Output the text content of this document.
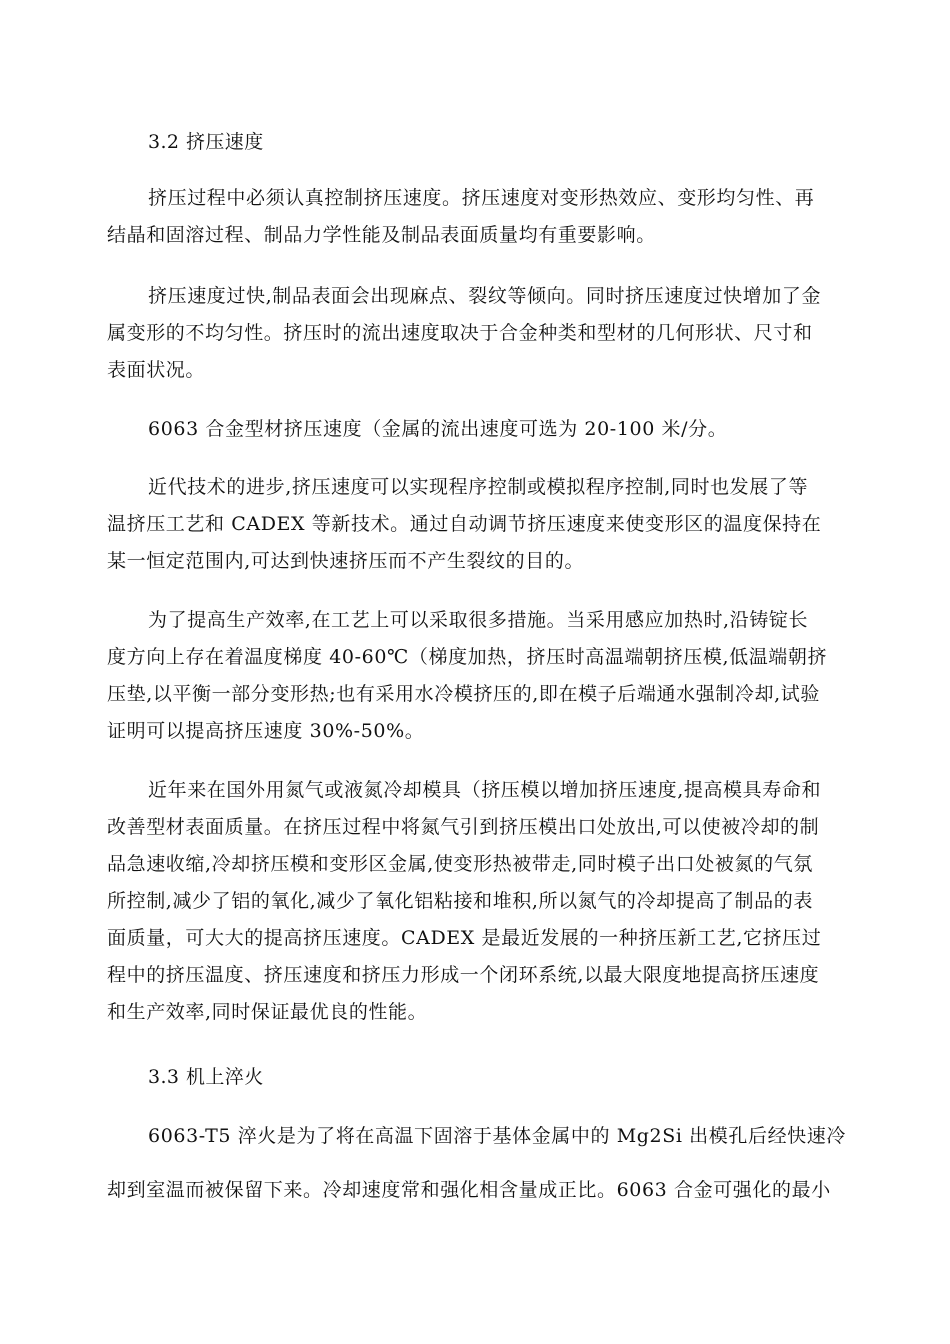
3.2 挤压速度

挤压过程中必须认真控制挤压速度。挤压速度对变形热效应、变形均匀性、再

结晶和固溶过程、制品力学性能及制品表面质量均有重要影响。

挤压速度过快,制品表面会出现麻点、裂纹等倾向。同时挤压速度过快增加了金

属变形的不均匀性。挤压时的流出速度取决于合金种类和型材的几何形状、尺寸和

表面状况。

6063 合金型材挤压速度（金属的流出速度可选为 20-100 米/分。

近代技术的进步,挤压速度可以实现程序控制或模拟程序控制,同时也发展了等

温挤压工艺和 CADEX 等新技术。通过自动调节挤压速度来使变形区的温度保持在

某一恒定范围内,可达到快速挤压而不产生裂纹的目的。

为了提高生产效率,在工艺上可以采取很多措施。当采用感应加热时,沿铸锭长

度方向上存在着温度梯度 40-60℃（梯度加热，挤压时高温端朝挤压模,低温端朝挤

压垫,以平衡一部分变形热;也有采用水冷模挤压的,即在模子后端通水强制冷却,试验

证明可以提高挤压速度 30%-50%。

近年来在国外用氮气或液氮冷却模具（挤压模以增加挤压速度,提高模具寿命和

改善型材表面质量。在挤压过程中将氮气引到挤压模出口处放出,可以使被冷却的制

品急速收缩,冷却挤压模和变形区金属,使变形热被带走,同时模子出口处被氮的气氛

所控制,减少了铝的氧化,减少了氧化铝粘接和堆积,所以氮气的冷却提高了制品的表

面质量，可大大的提高挤压速度。CADEX 是最近发展的一种挤压新工艺,它挤压过

程中的挤压温度、挤压速度和挤压力形成一个闭环系统,以最大限度地提高挤压速度

和生产效率,同时保证最优良的性能。

3.3 机上淬火

6063-T5 淬火是为了将在高温下固溶于基体金属中的 Mg2Si 出模孔后经快速冷

却到室温而被保留下来。冷却速度常和强化相含量成正比。6063 合金可强化的最小
